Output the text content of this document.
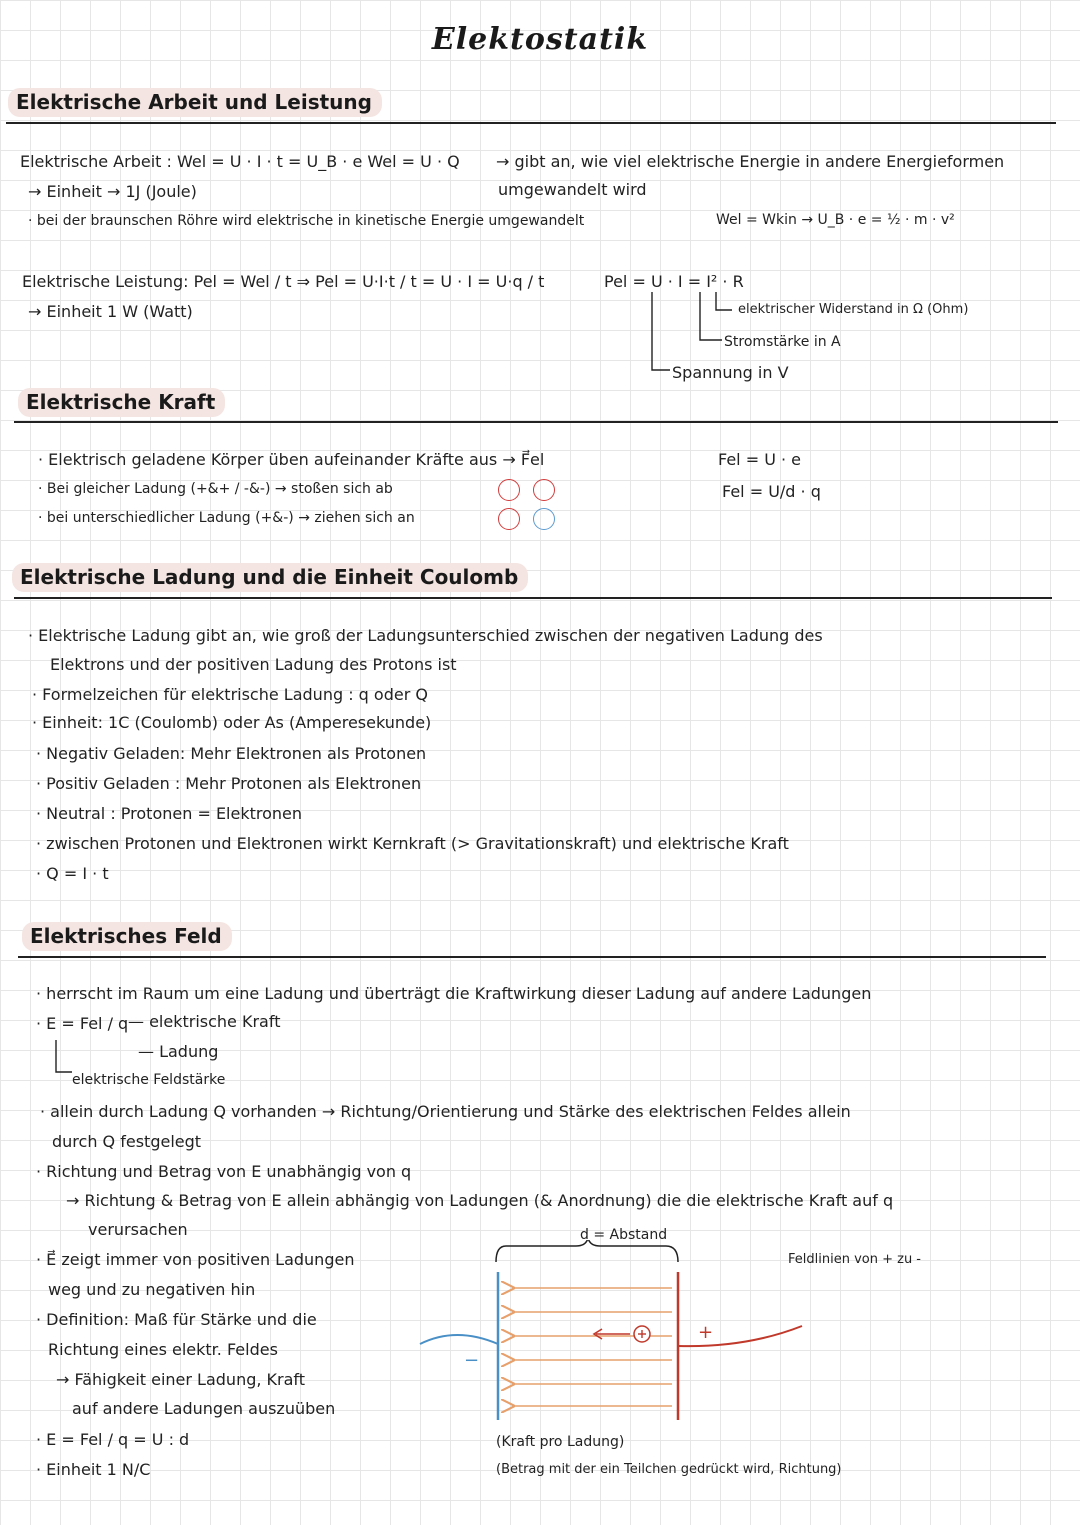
Elektostatik
Elektrische Arbeit und Leistung
Elektrische Arbeit : Wel = U · I · t = U_B · e Wel = U · Q → gibt an, wie viel elektrische Energie in andere Energieformen
umgewandelt wird
→ Einheit → 1J (Joule)
· bei der braunschen Röhre wird elektrische in kinetische Energie umgewandelt	Wel = Wkin → U_B · e = ½ · m · v²
Elektrische Leistung: Pel = Wel / t ⇒ Pel = U·I·t / t = U · I = U·q / t
→ Einheit 1 W (Watt)
Pel = U · I = I² · R
elektrischer Widerstand in Ω (Ohm)
Stromstärke in A
Spannung in V
Elektrische Kraft
· Elektrisch geladene Körper üben aufeinander Kräfte aus → F⃗el
· Bei gleicher Ladung (+&+ / -&-) → stoßen sich ab
· bei unterschiedlicher Ladung (+&-) → ziehen sich an

Fel = U · e
Fel = U/d · q
Elektrische Ladung und die Einheit Coulomb
· Elektrische Ladung gibt an, wie groß der Ladungsunterschied zwischen der negativen Ladung des
Elektrons und der positiven Ladung des Protons ist
· Formelzeichen für elektrische Ladung : q oder Q
· Einheit: 1C (Coulomb) oder As (Amperesekunde)
· Negativ Geladen: Mehr Elektronen als Protonen
· Positiv Geladen : Mehr Protonen als Elektronen
· Neutral : Protonen = Elektronen
· zwischen Protonen und Elektronen wirkt Kernkraft (> Gravitationskraft) und elektrische Kraft
· Q = I · t
Elektrisches Feld
· herrscht im Raum um eine Ladung und überträgt die Kraftwirkung dieser Ladung auf andere Ladungen
· E = Fel / q — elektrische Kraft
— Ladung
elektrische Feldstärke
· allein durch Ladung Q vorhanden → Richtung/Orientierung und Stärke des elektrischen Feldes allein
durch Q festgelegt
· Richtung und Betrag von E unabhängig von q
→ Richtung & Betrag von E allein abhängig von Ladungen (& Anordnung) die die elektrische Kraft auf q
verursachen
· E⃗ zeigt immer von positiven Ladungen
weg und zu negativen hin
· Definition: Maß für Stärke und die
Richtung eines elektr. Feldes
→ Fähigkeit einer Ladung, Kraft
auf andere Ladungen auszuüben
· E = Fel / q = U : d
· Einheit 1 N/C
d = Abstand
Feldlinien von + zu -
+
−
(Kraft pro Ladung)
(Betrag mit der ein Teilchen gedrückt wird, Richtung)
